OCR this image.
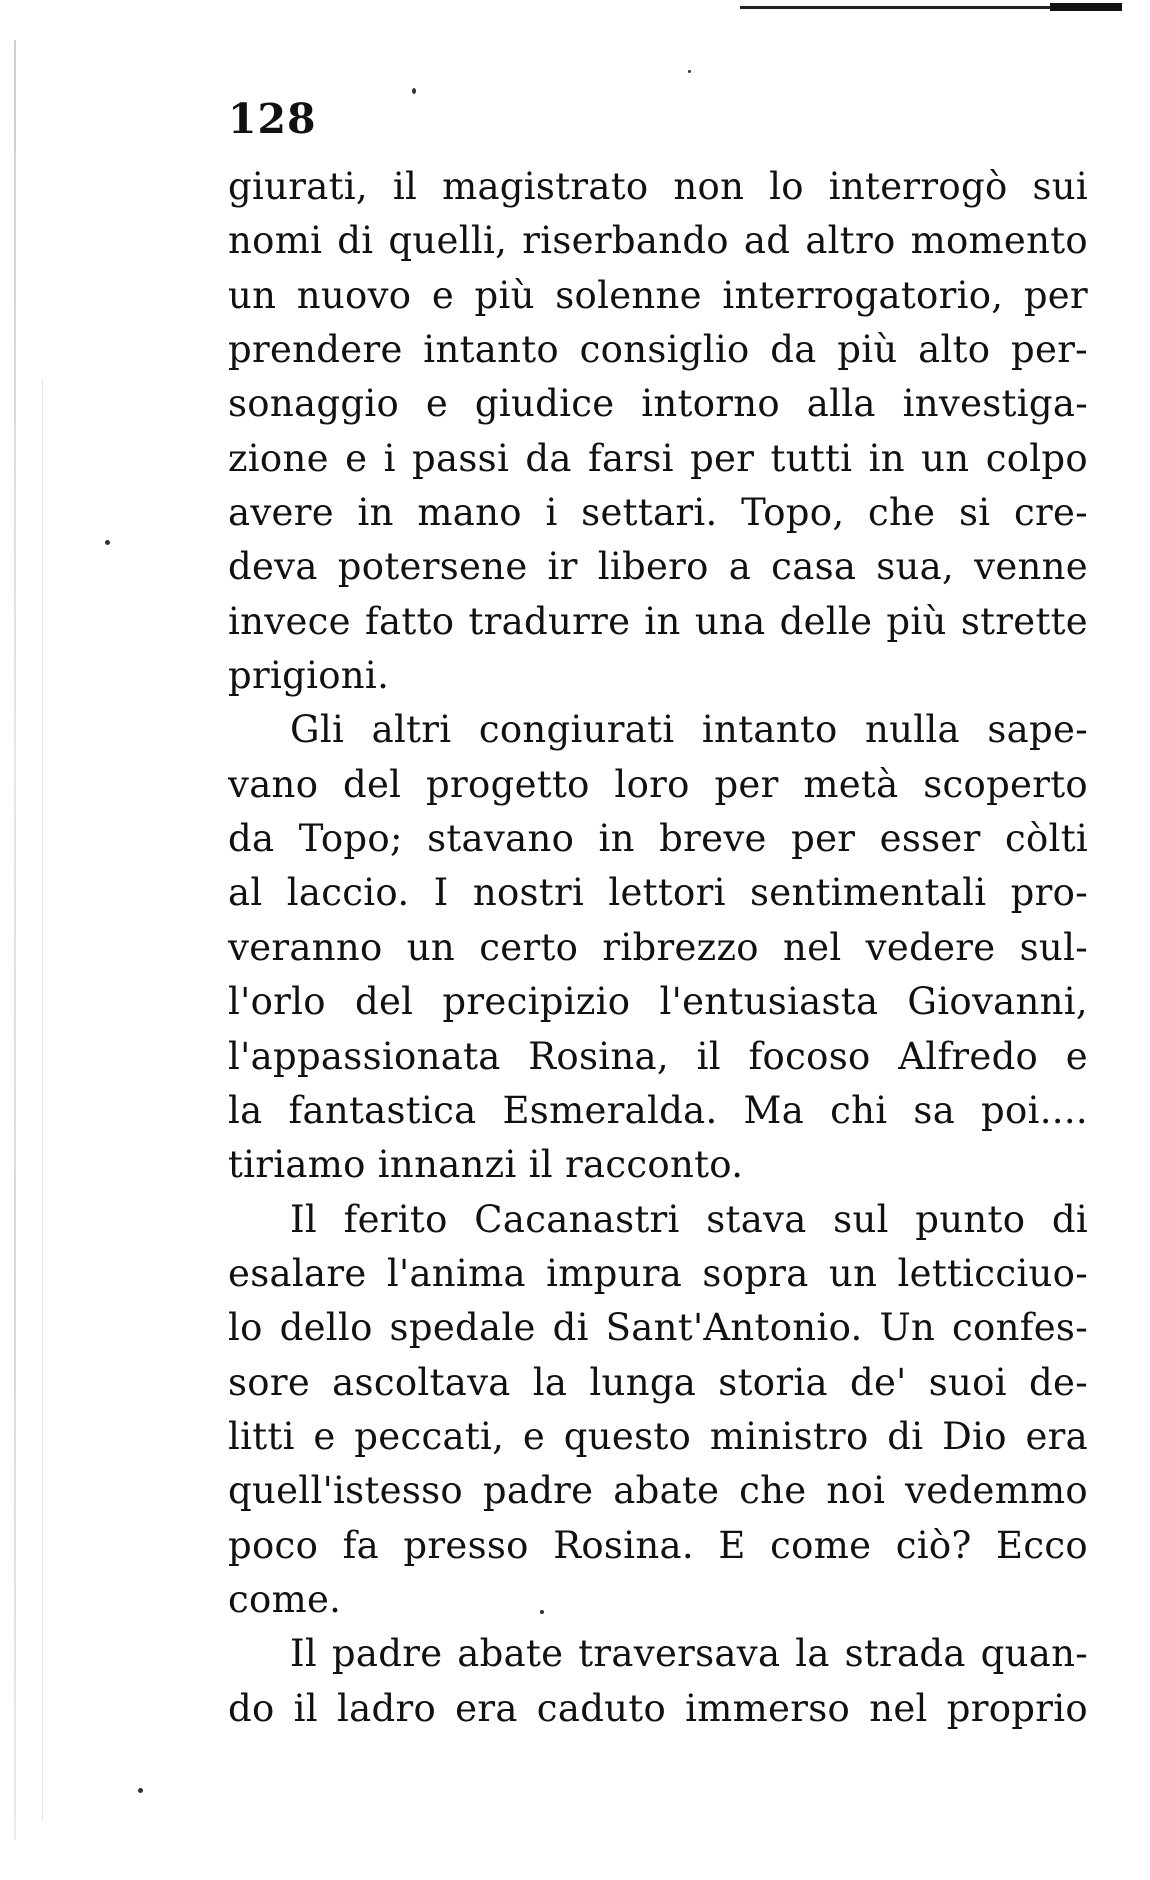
128
giurati, il magistrato non lo interrogò sui
nomi di quelli, riserbando ad altro momento
un nuovo e più solenne interrogatorio, per
prendere intanto consiglio da più alto per-
sonaggio e giudice intorno alla investiga-
zione e i passi da farsi per tutti in un colpo
avere in mano i settari. Topo, che si cre-
deva potersene ir libero a casa sua, venne
invece fatto tradurre in una delle più strette
prigioni.
Gli altri congiurati intanto nulla sape-
vano del progetto loro per metà scoperto
da Topo; stavano in breve per esser còlti
al laccio. I nostri lettori sentimentali pro-
veranno un certo ribrezzo nel vedere sul-
l'orlo del precipizio l'entusiasta Giovanni,
l'appassionata Rosina, il focoso Alfredo e
la fantastica Esmeralda. Ma chi sa poi....
tiriamo innanzi il racconto.
Il ferito Cacanastri stava sul punto di
esalare l'anima impura sopra un letticciuo-
lo dello spedale di Sant'Antonio. Un confes-
sore ascoltava la lunga storia de' suoi de-
litti e peccati, e questo ministro di Dio era
quell'istesso padre abate che noi vedemmo
poco fa presso Rosina. E come ciò? Ecco
come.
Il padre abate traversava la strada quan-
do il ladro era caduto immerso nel proprio
